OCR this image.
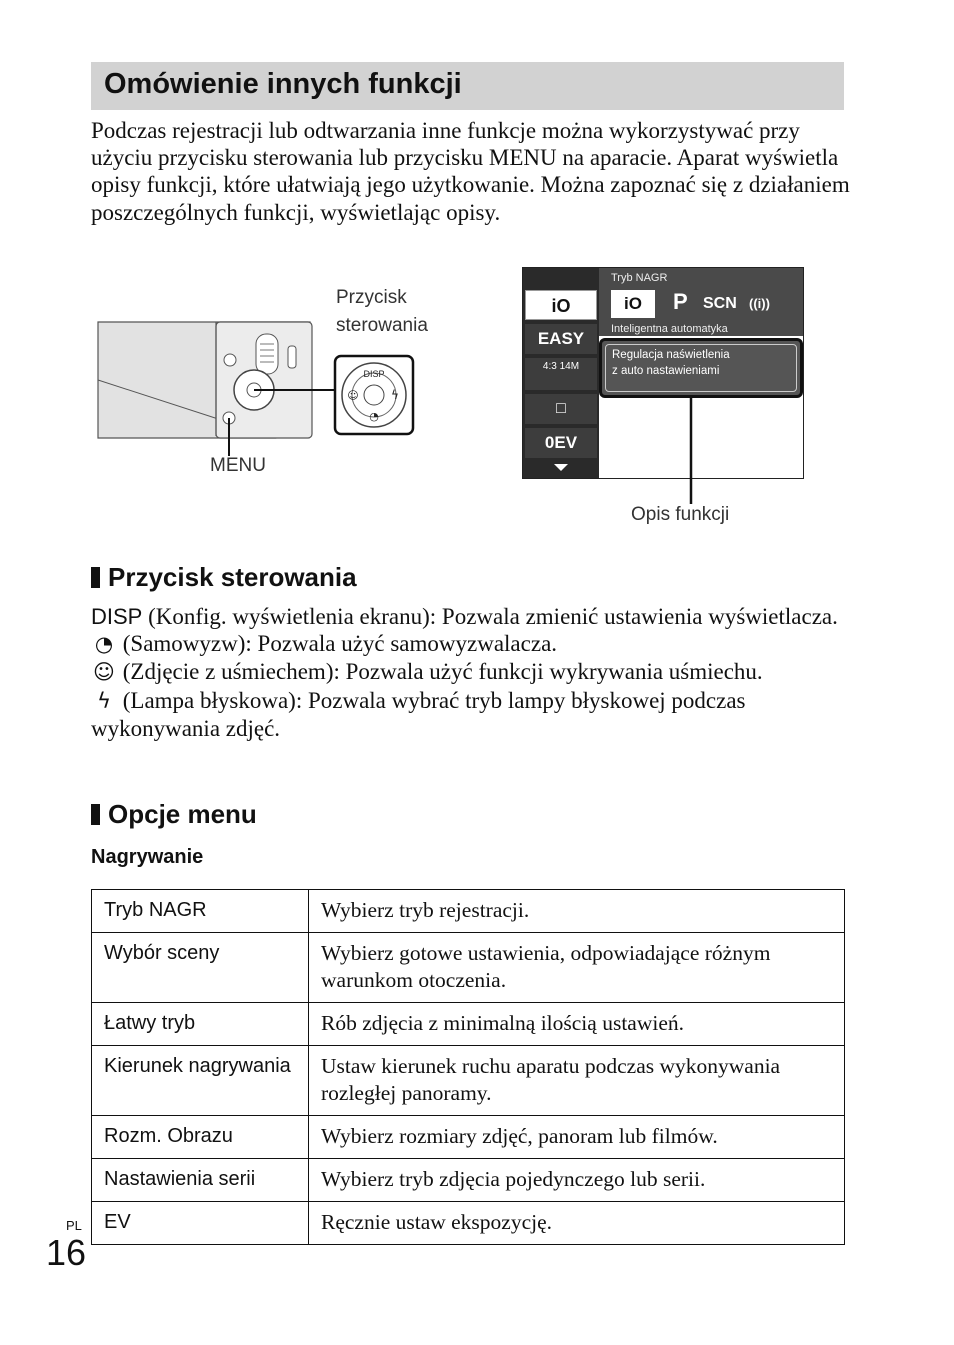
Omówienie innych funkcji
Podczas rejestracji lub odtwarzania inne funkcje można wykorzystywać przy użyciu przycisku sterowania lub przycisku MENU na aparacie. Aparat wyświetla opisy funkcji, które ułatwiają jego użytkowanie. Można zapoznać się z działaniem poszczególnych funkcji, wyświetlając opisy.
DISP
☺	ϟ
◔
Przycisk
sterowania
MENU
iO
EASY
4:3 14M
□
0EV
Tryb NAGR
iO	P SCN ((i))
Inteligentna automatyka
Regulacja naświetlenia
z auto nastawieniami
Opis funkcji
Przycisk sterowania

DISP (Konfig. wyświetlenia ekranu): Pozwala zmienić ustawienia wyświetlacza.

◔ (Samowyzw): Pozwala użyć samowyzwalacza.

☺ (Zdjęcie z uśmiechem): Pozwala użyć funkcji wykrywania uśmiechu.

ϟ (Lampa błyskowa): Pozwala wybrać tryb lampy błyskowej podczas wykonywania zdjęć.

Opcje menu
Nagrywanie
Tryb NAGR	Wybierz tryb rejestracji.
Wybór sceny	Wybierz gotowe ustawienia, odpowiadające różnym warunkom otoczenia.
Łatwy tryb	Rób zdjęcia z minimalną ilością ustawień.
Kierunek nagrywania	Ustaw kierunek ruchu aparatu podczas wykonywania rozległej panoramy.
Rozm. Obrazu	Wybierz rozmiary zdjęć, panoram lub filmów.
Nastawienia serii	Wybierz tryb zdjęcia pojedynczego lub serii.
EV	Ręcznie ustaw ekspozycję.
PL
16
